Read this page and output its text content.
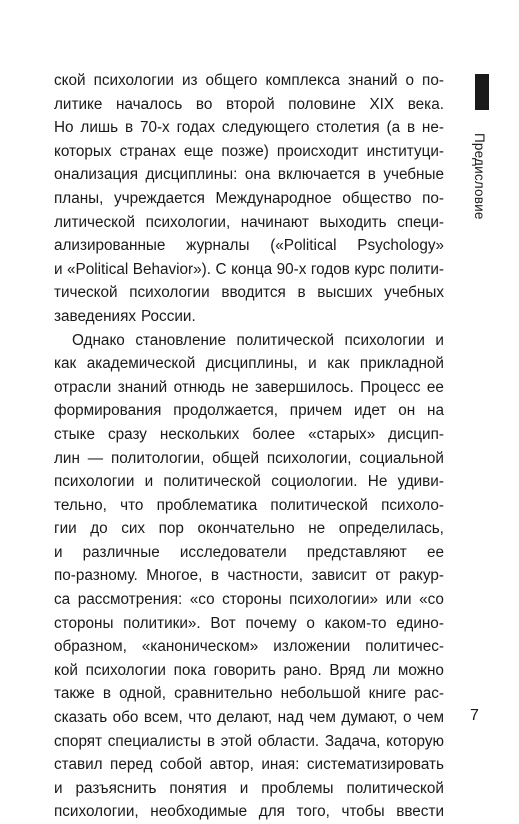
Предисловие
ской психологии из общего комплекса знаний о по-
литике началось во второй половине XIX века.
Но лишь в 70-х годах следующего столетия (а в не-
которых странах еще позже) происходит институци-
онализация дисциплины: она включается в учебные
планы, учреждается Международное общество по-
литической психологии, начинают выходить специ-
ализированные журналы («Political Psychology»
и «Political Behavior»). С конца 90-х годов курс полити-
тической психологии вводится в высших учебных
заведениях России.
Однако становление политической психологии и
как академической дисциплины, и как прикладной
отрасли знаний отнюдь не завершилось. Процесс ее
формирования продолжается, причем идет он на
стыке сразу нескольких более «старых» дисцип-
лин — политологии, общей психологии, социальной
психологии и политической социологии. Не удиви-
тельно, что проблематика политической психоло-
гии до сих пор окончательно не определилась,
и различные исследователи представляют ее
по-разному. Многое, в частности, зависит от ракур-
са рассмотрения: «со стороны психологии» или «со
стороны политики». Вот почему о каком-то едино-
образном, «каноническом» изложении политичес-
кой психологии пока говорить рано. Вряд ли можно
также в одной, сравнительно небольшой книге рас-
сказать обо всем, что делают, над чем думают, о чем
спорят специалисты в этой области. Задача, которую
ставил перед собой автор, иная: систематизировать
и разъяснить понятия и проблемы политической
психологии, необходимые для того, чтобы ввести
7
